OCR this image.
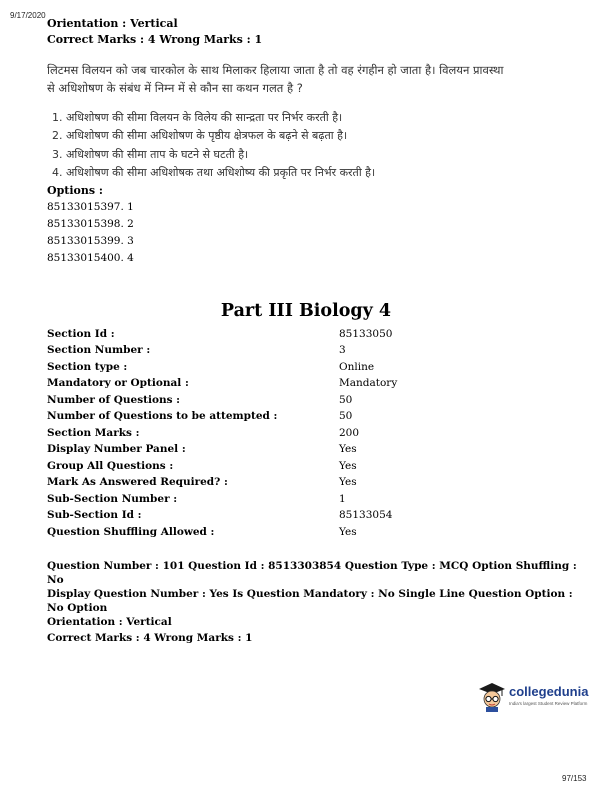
9/17/2020
Orientation : Vertical
Correct Marks : 4 Wrong Marks : 1
लिटमस विलयन को जब चारकोल के साथ मिलाकर हिलाया जाता है तो वह रंगहीन हो जाता है। विलयन प्रावस्था
से अधिशोषण के संबंध में निम्न में से कौन सा कथन गलत है ?
1. अधिशोषण की सीमा विलयन के विलेय की सान्द्रता पर निर्भर करती है।
2. अधिशोषण की सीमा अधिशोषण के पृष्ठीय क्षेत्रफल के बढ़ने से बढ़ता है।
3. अधिशोषण की सीमा ताप के घटने से घटती है।
4. अधिशोषण की सीमा अधिशोषक तथा अधिशोष्य की प्रकृति पर निर्भर करती है।
Options :
85133015397. 1
85133015398. 2
85133015399. 3
85133015400. 4
Part III Biology 4
Section Id :	85133050
Section Number :	3
Section type :	Online
Mandatory or Optional :	Mandatory
Number of Questions :	50
Number of Questions to be attempted :	50
Section Marks :	200
Display Number Panel :	Yes
Group All Questions :	Yes
Mark As Answered Required? :	Yes
Sub-Section Number :	1
Sub-Section Id :	85133054
Question Shuffling Allowed :	Yes
Question Number : 101 Question Id : 8513303854 Question Type : MCQ Option Shuffling : No
Display Question Number : Yes Is Question Mandatory : No Single Line Question Option : No Option
Orientation : Vertical
Correct Marks : 4 Wrong Marks : 1
collegedunia
India's largest Student Review Platform
97/153
